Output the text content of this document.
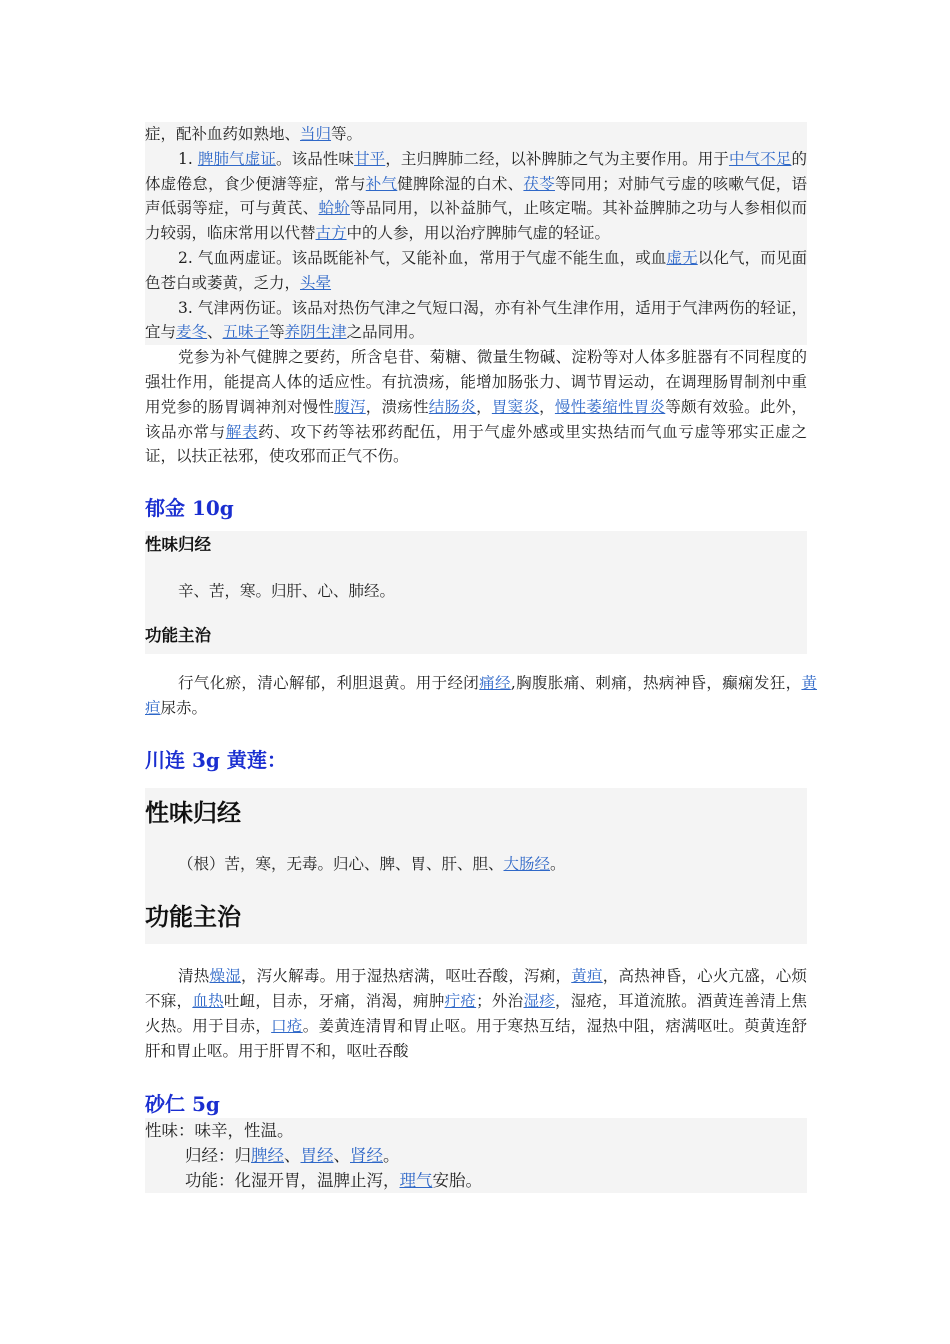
症，配补血药如熟地、当归等。

1. 脾肺气虚证。该品性味甘平，主归脾肺二经，以补脾肺之气为主要作用。用于中气不足的体虚倦怠，食少便溏等症，常与补气健脾除湿的白术、茯苓等同用；对肺气亏虚的咳嗽气促，语声低弱等症，可与黄芪、蛤蚧等品同用，以补益肺气，止咳定喘。其补益脾肺之功与人参相似而力较弱，临床常用以代替古方中的人参，用以治疗脾肺气虚的轻证。

2. 气血两虚证。该品既能补气，又能补血，常用于气虚不能生血，或血虚无以化气，而见面色苍白或萎黄，乏力，头晕

3. 气津两伤证。该品对热伤气津之气短口渴，亦有补气生津作用，适用于气津两伤的轻证，宜与麦冬、五味子等养阴生津之品同用。

党参为补气健脾之要药，所含皂苷、菊糖、微量生物碱、淀粉等对人体多脏器有不同程度的强壮作用，能提高人体的适应性。有抗溃疡，能增加肠张力、调节胃运动，在调理肠胃制剂中重用党参的肠胃调神剂对慢性腹泻，溃疡性结肠炎，胃窦炎，慢性萎缩性胃炎等颇有效验。此外，该品亦常与解表药、攻下药等祛邪药配伍，用于气虚外感或里实热结而气血亏虚等邪实正虚之证，以扶正祛邪，使攻邪而正气不伤。

郁金 10g
性味归经

辛、苦，寒。归肝、心、肺经。

功能主治

行气化瘀，清心解郁，利胆退黄。用于经闭痛经,胸腹胀痛、刺痛，热病神昏，癫痫发狂，黄疸尿赤。

川连 3g 黄莲：
性味归经

（根）苦，寒，无毒。归心、脾、胃、肝、胆、大肠经。

功能主治

清热燥湿，泻火解毒。用于湿热痞满，呕吐吞酸，泻痢，黄疸，高热神昏，心火亢盛，心烦不寐，血热吐衄，目赤，牙痛，消渴，痈肿疔疮；外治湿疹，湿疮，耳道流脓。酒黄连善清上焦火热。用于目赤，口疮。姜黄连清胃和胃止呕。用于寒热互结，湿热中阻，痞满呕吐。萸黄连舒肝和胃止呕。用于肝胃不和，呕吐吞酸

砂仁 5g

性味：味辛，性温。

归经：归脾经、胃经、肾经。

功能：化湿开胃，温脾止泻，理气安胎。
